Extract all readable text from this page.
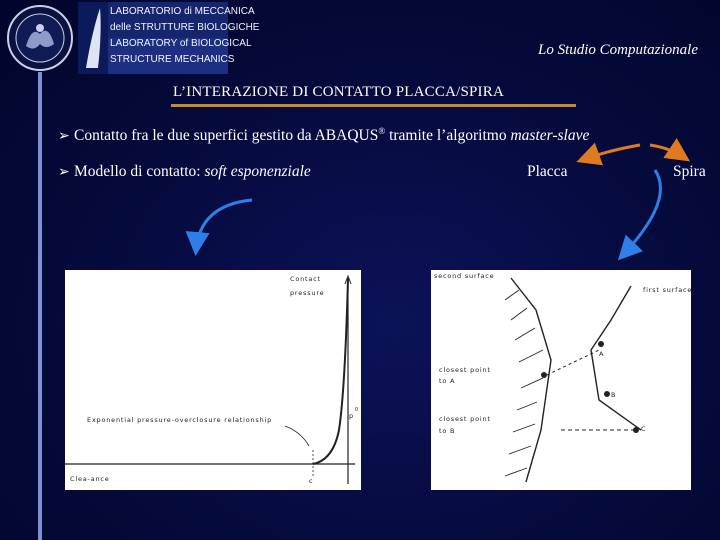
LABORATORIO di MECCANICA
delle STRUTTURE BIOLOGICHE
LABORATORY of BIOLOGICAL
STRUCTURE MECHANICS
Lo Studio Computazionale
L’INTERAZIONE DI CONTATTO PLACCA/SPIRA
➢ Contatto fra le due superfici gestito da ABAQUS® tramite l’algoritmo master-slave
➢ Modello di contatto: soft esponenziale	Placca	Spira
Contact
pressure
Exponential pressure-overclosure relationship
Clea-ance
p
0
c
second surface
first surface
closest point
to A
closest point
to B
A
B
C
